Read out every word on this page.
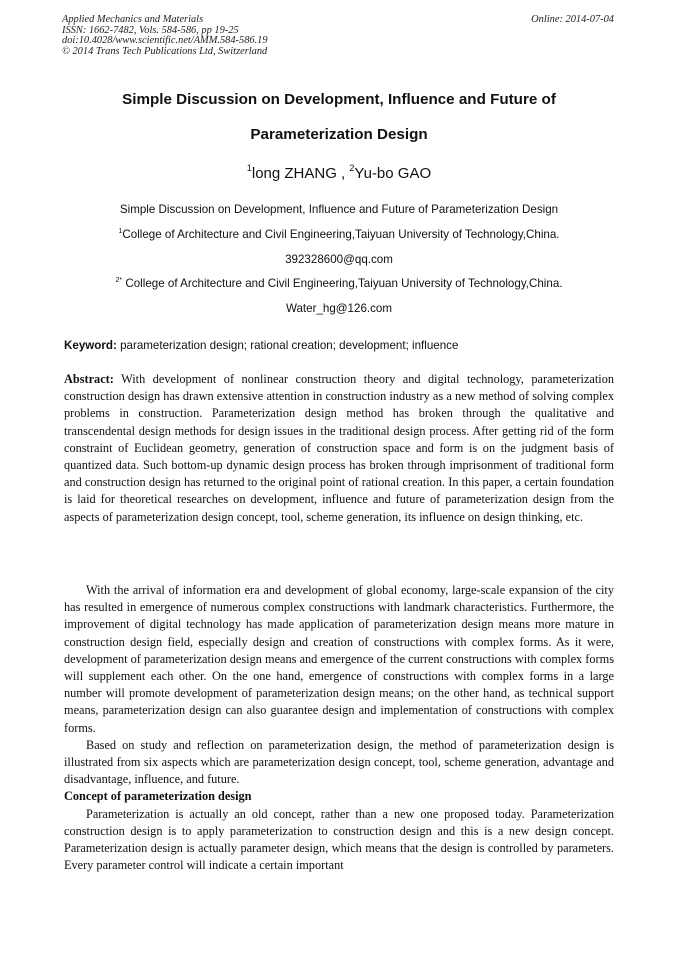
Applied Mechanics and Materials
ISSN: 1662-7482, Vols. 584-586, pp 19-25
doi:10.4028/www.scientific.net/AMM.584-586.19
© 2014 Trans Tech Publications Ltd, Switzerland
Online: 2014-07-04
Simple Discussion on Development, Influence and Future of
Parameterization Design
$^1$long ZHANG , $^2$Yu-bo GAO
Simple Discussion on Development, Influence and Future of Parameterization Design
$^1$College of Architecture and Civil Engineering,Taiyuan University of Technology,China.
392328600@qq.com
$^{2*}$ College of Architecture and Civil Engineering,Taiyuan University of Technology,China.
Water_hg@126.com
Keyword: parameterization design; rational creation; development; influence
Abstract: With development of nonlinear construction theory and digital technology, parameterization construction design has drawn extensive attention in construction industry as a new method of solving complex problems in construction. Parameterization design method has broken through the qualitative and transcendental design methods for design issues in the traditional design process. After getting rid of the form constraint of Euclidean geometry, generation of construction space and form is on the judgment basis of quantized data. Such bottom-up dynamic design process has broken through imprisonment of traditional form and construction design has returned to the original point of rational creation. In this paper, a certain foundation is laid for theoretical researches on development, influence and future of parameterization design from the aspects of parameterization design concept, tool, scheme generation, its influence on design thinking, etc.

With the arrival of information era and development of global economy, large-scale expansion of the city has resulted in emergence of numerous complex constructions with landmark characteristics. Furthermore, the improvement of digital technology has made application of parameterization design means more mature in construction design field, especially design and creation of constructions with complex forms. As it were, development of parameterization design means and emergence of the current constructions with complex forms will supplement each other. On the one hand, emergence of constructions with complex forms in a large number will promote development of parameterization design means; on the other hand, as technical support means, parameterization design can also guarantee design and implementation of constructions with complex forms.

Based on study and reflection on parameterization design, the method of parameterization design is illustrated from six aspects which are parameterization design concept, tool, scheme generation, advantage and disadvantage, influence, and future.

Concept of parameterization design

Parameterization is actually an old concept, rather than a new one proposed today. Parameterization construction design is to apply parameterization to construction design and this is a new design concept. Parameterization design is actually parameter design, which means that the design is controlled by parameters. Every parameter control will indicate a certain important
